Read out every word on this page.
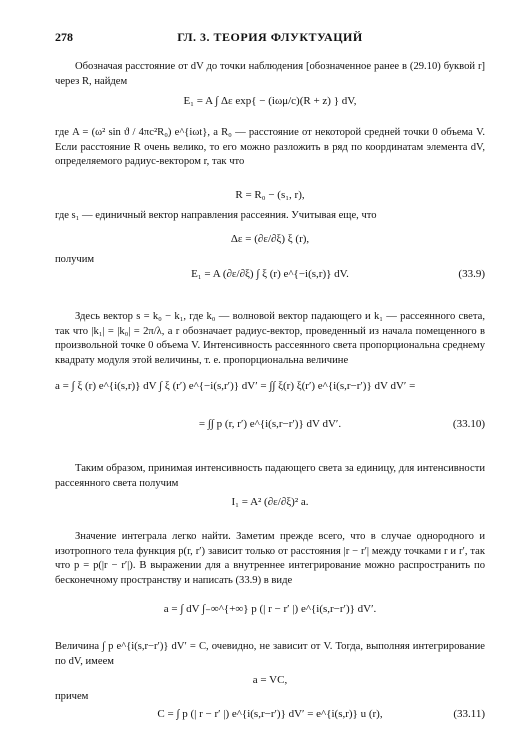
278	ГЛ. 3. ТЕОРИЯ ФЛУКТУАЦИЙ
Обозначая расстояние от dV до точки наблюдения [обозначенное ранее в (29.10) буквой r] через R, найдем
E₁ = A ∫ Δε exp{ − (iωμ/c)(R + z) } dV,
где A = (ω² sin ϑ / 4πc²R₀) e^{iωt}, а R₀ — расстояние от некоторой средней точки 0 объема V. Если расстояние R очень велико, то его можно разложить в ряд по координатам элемента dV, определяемого радиус-вектором r, так что
R = R₀ − (s₁, r),
где s₁ — единичный вектор направления рассеяния. Учитывая еще, что
Δε = (∂ε/∂ξ) ξ (r),
получим
E₁ = A (∂ε/∂ξ) ∫ ξ (r) e^{−i(s,r)} dV.	(33.9)
Здесь вектор s = k₀ − k₁, где k₀ — волновой вектор падающего и k₁ — рассеянного света, так что |k₁| = |k₀| = 2π/λ, а r обозначает радиус-вектор, проведенный из начала помещенного в произвольной точке 0 объема V. Интенсивность рассеянного света пропорциональна среднему квадрату модуля этой величины, т. е. пропорциональна величине
a = ∫ ξ (r) e^{i(s,r)} dV ∫ ξ (r′) e^{−i(s,r′)} dV′ = ∫∫ ξ(r) ξ(r′) e^{i(s,r−r′)} dV dV′ =
= ∫∫ p (r, r′) e^{i(s,r−r′)} dV dV′.	(33.10)
Таким образом, принимая интенсивность падающего света за единицу, для интенсивности рассеянного света получим
I₁ = A² (∂ε/∂ξ)² a.
Значение интеграла легко найти. Заметим прежде всего, что в случае однородного и изотропного тела функция p(r, r′) зависит только от расстояния |r − r′| между точками r и r′, так что p = p(|r − r′|). В выражении для a внутреннее интегрирование можно распространить по бесконечному пространству и написать (33.9) в виде
a = ∫ dV ∫₋∞^{+∞} p (| r − r′ |) e^{i(s,r−r′)} dV′.
Величина ∫ p e^{i(s,r−r′)} dV′ = C, очевидно, не зависит от V. Тогда, выполняя интегрирование по dV, имеем
a = VC,
причем
C = ∫ p (| r − r′ |) e^{i(s,r−r′)} dV′ = e^{i(s,r)} u (r),	(33.11)
